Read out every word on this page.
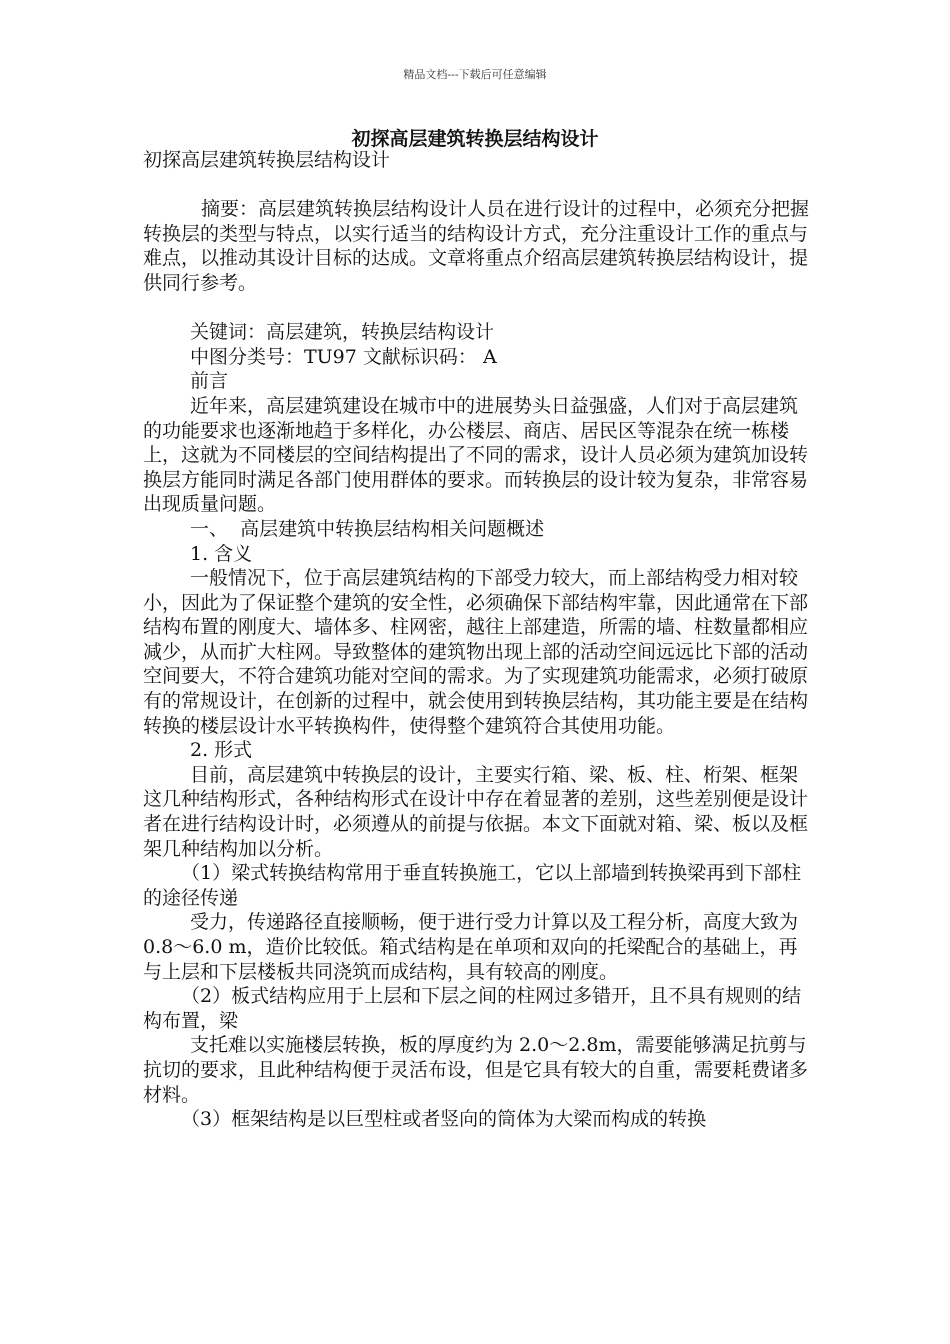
精品文档---下载后可任意编辑
初探高层建筑转换层结构设计

初探高层建筑转换层结构设计

摘要：高层建筑转换层结构设计人员在进行设计的过程中，必须充分把握转换层的类型与特点，以实行适当的结构设计方式，充分注重设计工作的重点与难点，以推动其设计目标的达成。文章将重点介绍高层建筑转换层结构设计，提供同行参考。

关键词：高层建筑，转换层结构设计

中图分类号：TU97 文献标识码： A

前言

近年来，高层建筑建设在城市中的进展势头日益强盛，人们对于高层建筑的功能要求也逐渐地趋于多样化，办公楼层、商店、居民区等混杂在统一栋楼上，这就为不同楼层的空间结构提出了不同的需求，设计人员必须为建筑加设转换层方能同时满足各部门使用群体的要求。而转换层的设计较为复杂，非常容易出现质量问题。

一、  高层建筑中转换层结构相关问题概述

1. 含义

一般情况下，位于高层建筑结构的下部受力较大，而上部结构受力相对较小，因此为了保证整个建筑的安全性，必须确保下部结构牢靠，因此通常在下部结构布置的刚度大、墙体多、柱网密，越往上部建造，所需的墙、柱数量都相应减少，从而扩大柱网。导致整体的建筑物出现上部的活动空间远远比下部的活动空间要大，不符合建筑功能对空间的需求。为了实现建筑功能需求，必须打破原有的常规设计，在创新的过程中，就会使用到转换层结构，其功能主要是在结构转换的楼层设计水平转换构件，使得整个建筑符合其使用功能。

2. 形式

目前，高层建筑中转换层的设计，主要实行箱、梁、板、柱、桁架、框架这几种结构形式，各种结构形式在设计中存在着显著的差别，这些差别便是设计者在进行结构设计时，必须遵从的前提与依据。本文下面就对箱、梁、板以及框架几种结构加以分析。

（1）梁式转换结构常用于垂直转换施工，它以上部墙到转换梁再到下部柱的途径传递

受力，传递路径直接顺畅，便于进行受力计算以及工程分析，高度大致为 0.8～6.0 m，造价比较低。箱式结构是在单项和双向的托梁配合的基础上，再与上层和下层楼板共同浇筑而成结构，具有较高的刚度。

（2）板式结构应用于上层和下层之间的柱网过多错开，且不具有规则的结构布置，梁

支托难以实施楼层转换，板的厚度约为 2.0～2.8m，需要能够满足抗剪与抗切的要求，且此种结构便于灵活布设，但是它具有较大的自重，需要耗费诸多材料。

（3）框架结构是以巨型柱或者竖向的筒体为大梁而构成的转换
